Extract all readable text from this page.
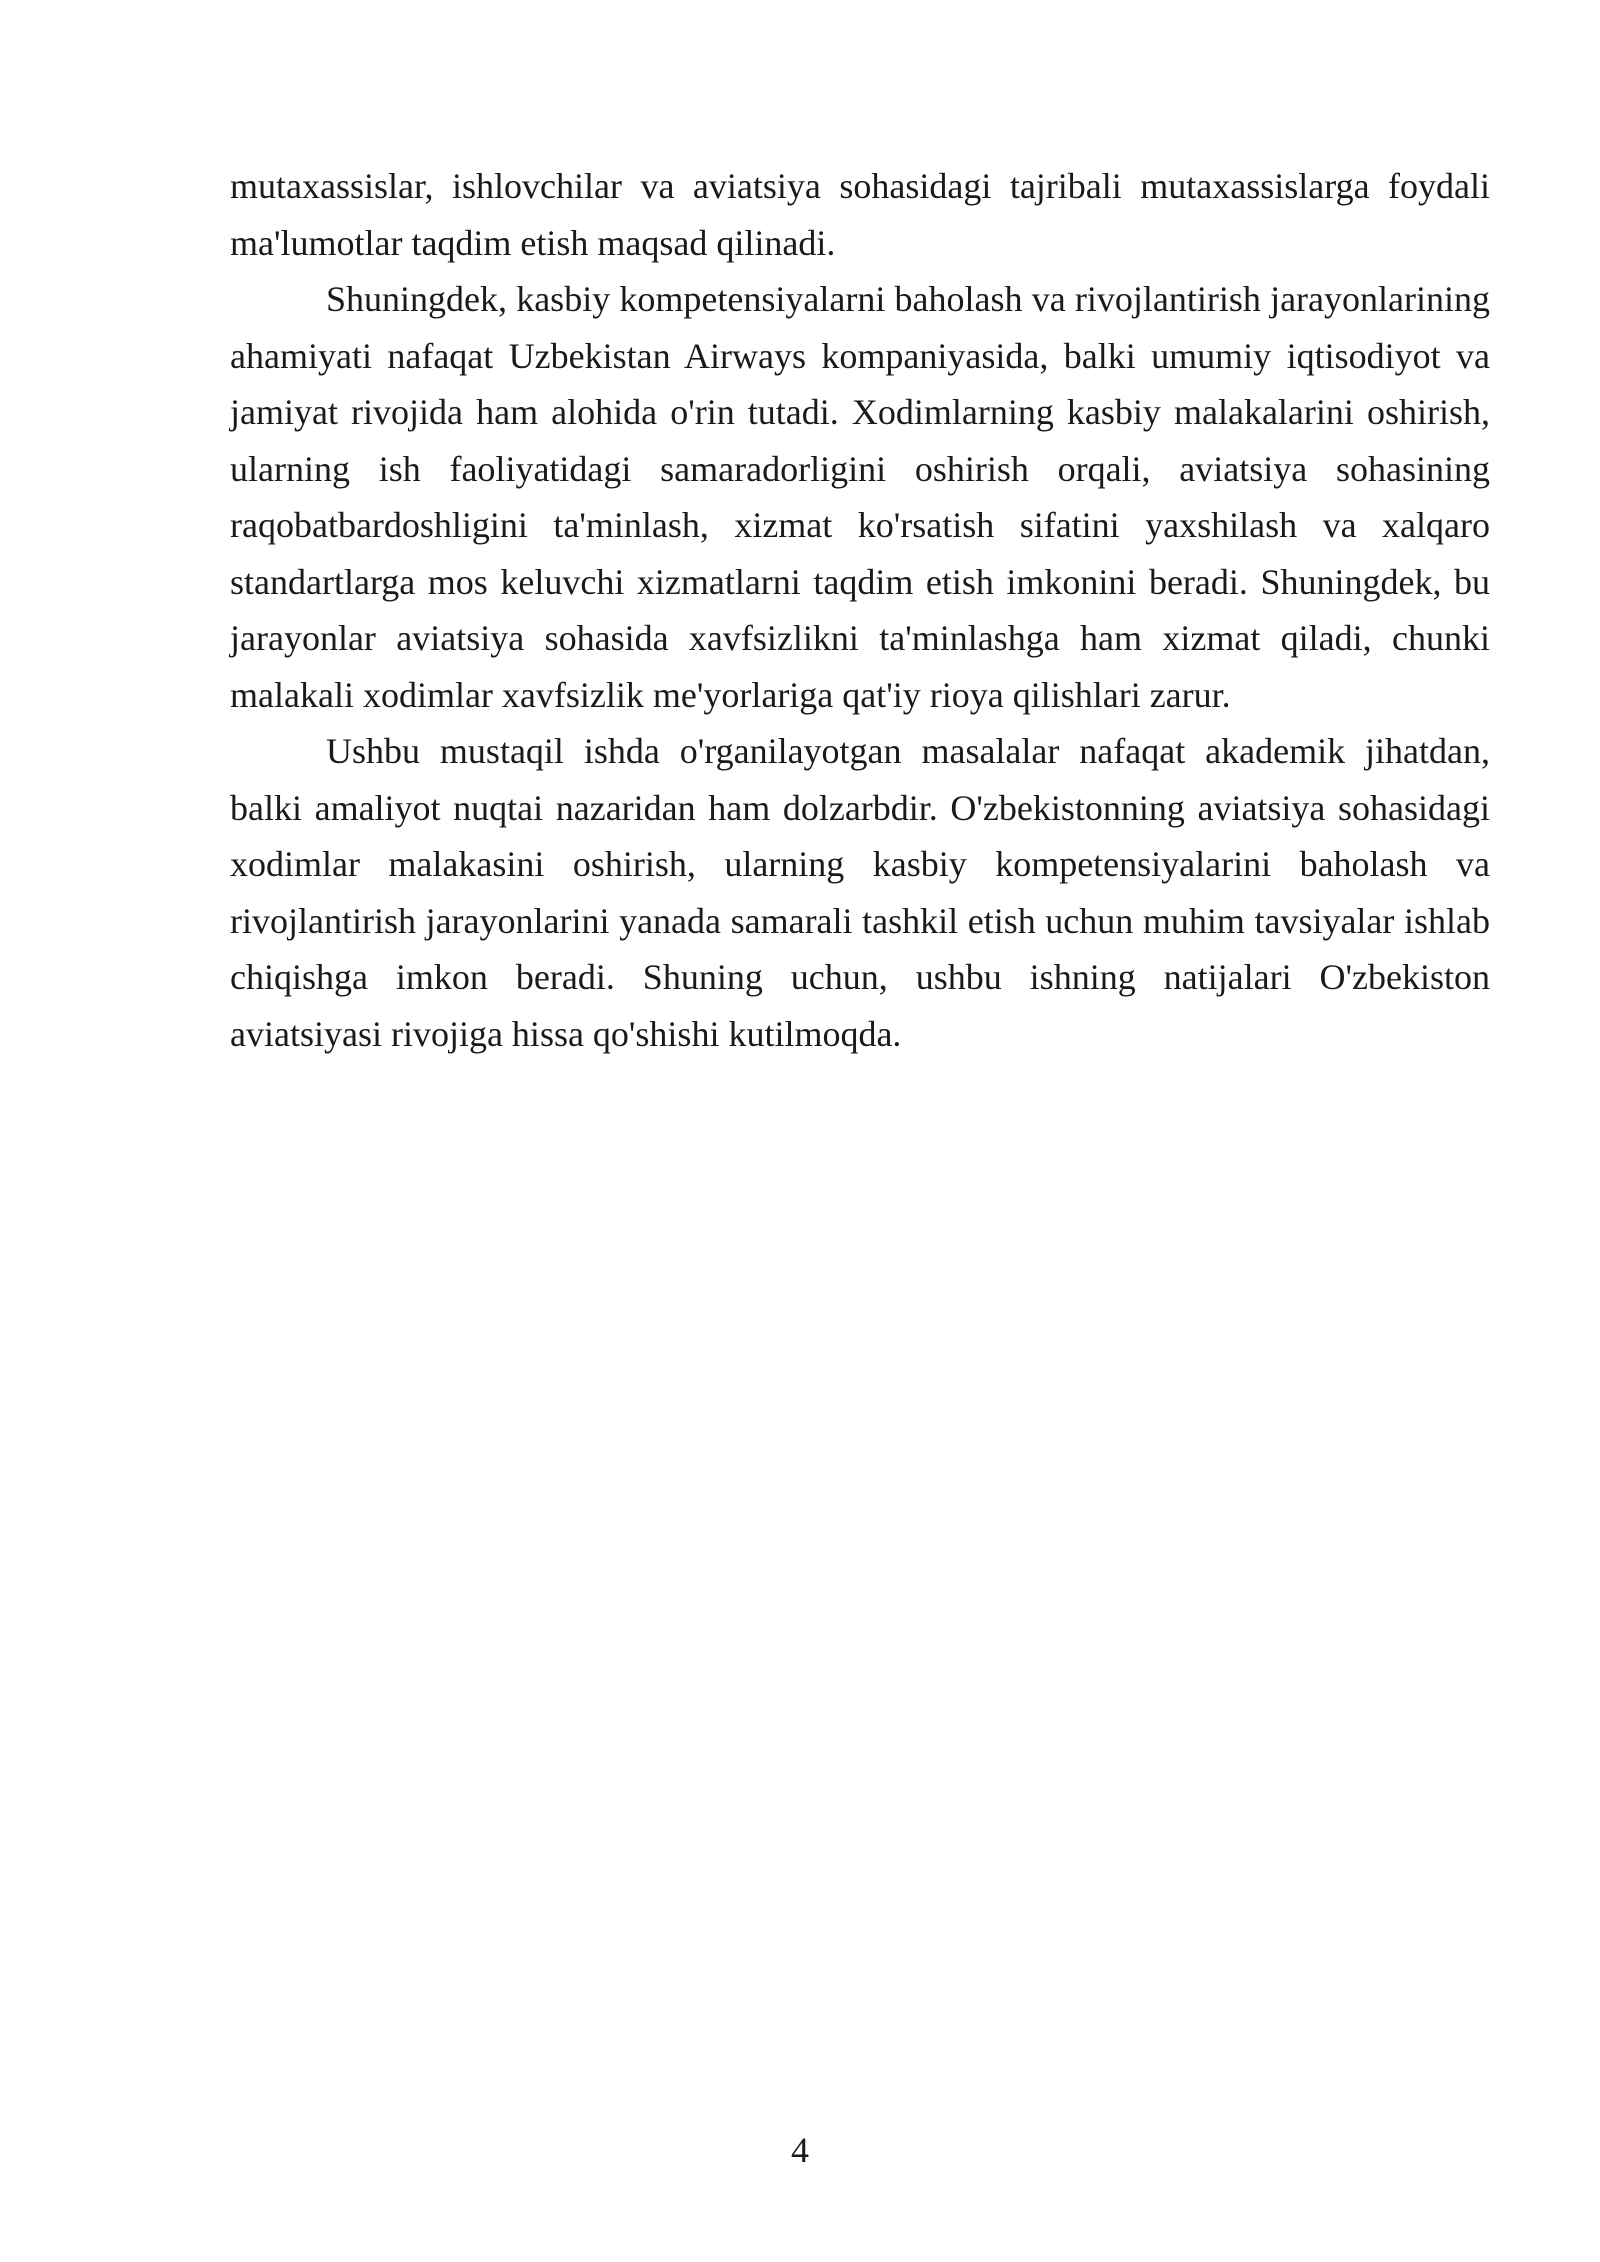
mutaxassislar, ishlovchilar va aviatsiya sohasidagi tajribali mutaxassislarga foydali ma'lumotlar taqdim etish maqsad qilinadi.

Shuningdek, kasbiy kompetensiyalarni baholash va rivojlantirish jarayonlarining ahamiyati nafaqat Uzbekistan Airways kompaniyasida, balki umumiy iqtisodiyot va jamiyat rivojida ham alohida o'rin tutadi. Xodimlarning kasbiy malakalarini oshirish, ularning ish faoliyatidagi samaradorligini oshirish orqali, aviatsiya sohasining raqobatbardoshligini ta'minlash, xizmat ko'rsatish sifatini yaxshilash va xalqaro standartlarga mos keluvchi xizmatlarni taqdim etish imkonini beradi. Shuningdek, bu jarayonlar aviatsiya sohasida xavfsizlikni ta'minlashga ham xizmat qiladi, chunki malakali xodimlar xavfsizlik me'yorlariga qat'iy rioya qilishlari zarur.

Ushbu mustaqil ishda o'rganilayotgan masalalar nafaqat akademik jihatdan, balki amaliyot nuqtai nazaridan ham dolzarbdir. O'zbekistonning aviatsiya sohasidagi xodimlar malakasini oshirish, ularning kasbiy kompetensiyalarini baholash va rivojlantirish jarayonlarini yanada samarali tashkil etish uchun muhim tavsiyalar ishlab chiqishga imkon beradi. Shuning uchun, ushbu ishning natijalari O'zbekiston aviatsiyasi rivojiga hissa qo'shishi kutilmoqda.

4
